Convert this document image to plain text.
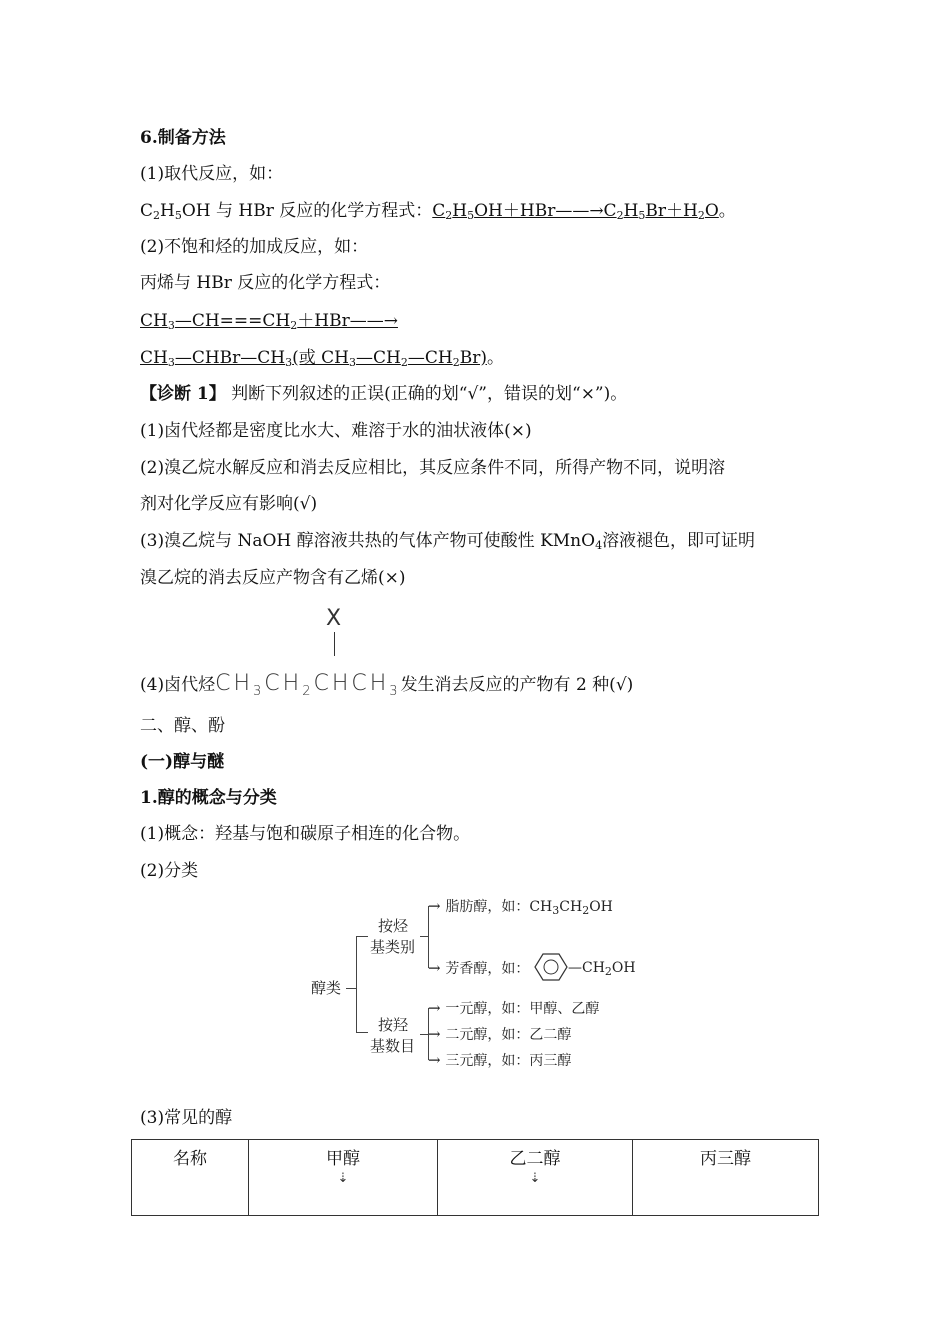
6.制备方法
(1)取代反应，如：
$C_2H_5OH$ 与 HBr 反应的化学方程式：$C_2H_5OH+HBr——\to C_2H_5Br+H_2O$。
(2)不饱和烃的加成反应，如：
丙烯与 HBr 反应的化学方程式：
$CH_3—CH===CH_2+HBr——\to$
$CH_3—CHBr—CH_3$(或 $CH_3—CH_2—CH_2Br$)。
【诊断 1】 判断下列叙述的正误(正确的划“√”，错误的划“×”)。
(1)卤代烃都是密度比水大、难溶于水的油状液体(×)
(2)溴乙烷水解反应和消去反应相比，其反应条件不同，所得产物不同，说明溶
剂对化学反应有影响(√)
(3)溴乙烷与 NaOH 醇溶液共热的气体产物可使酸性 KMnO$_4$溶液褪色，即可证明
溴乙烷的消去反应产物含有乙烯(×)
X
(4)卤代烃$CH_3CH_2CHCH_3$发生消去反应的产物有 2 种(√)
二、醇、酚
(一)醇与醚
1.醇的概念与分类
(1)概念：羟基与饱和碳原子相连的化合物。
(2)分类
醇类
按烃
基类别
→ 脂肪醇，如：$CH_3CH_2OH$
→ 芳香醇，如：	$—CH_2OH$
按羟
基数目
→ 一元醇，如：甲醇、乙醇
→ 二元醇，如：乙二醇
→ 三元醇，如：丙三醇
(3)常见的醇
名称	甲醇
⇣
	乙二醇
⇣
	丙三醇
